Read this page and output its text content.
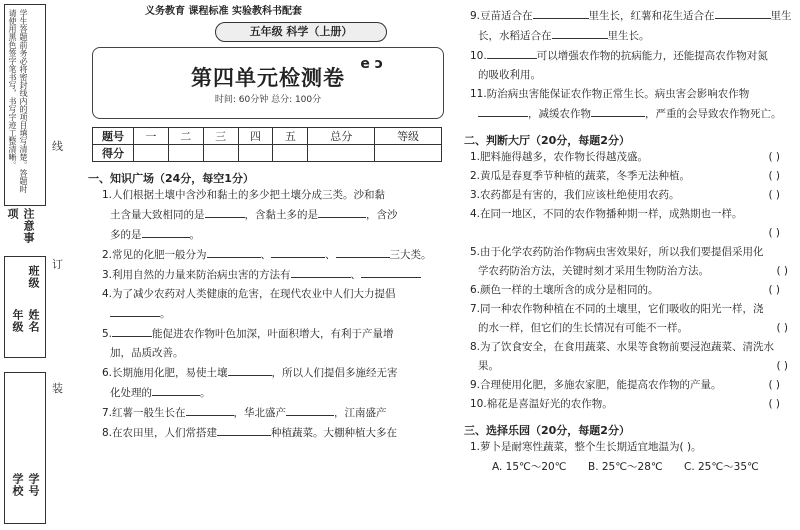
学生答题前务必将密封线内的项目填写清楚。答题时请使用黑色签字笔书写，书写字迹工整清晰。
注意事项
班级
年级 姓名
学校 学号
线
订
装
义务教育 课程标准 实验教科书配套
五年级 科学（上册）
第四单元检测卷
e ɔ
时间: 60分钟 总分: 100分
题号	一	二	三	四	五	总分	等级
得分							
一、知识广场（24分，每空1分）
1.人们根据土壤中含沙和黏土的多少把土壤分成三类。沙和黏
土含量大致相同的是	，含黏土多的是	，含沙
多的是	。
2.常见的化肥一般分为	、	、	三大类。
3.利用自然的力量来防治病虫害的方法有	、
4.为了减少农药对人类健康的危害，在现代农业中人们大力提倡
。
5.	能促进农作物叶色加深，叶面积增大，有利于产量增
加，品质改善。
6.长期施用化肥，易使土壤	，所以人们提倡多施经无害
化处理的	。
7.红薯一般生长在	，华北盛产	，江南盛产
8.在农田里，人们常搭建	种植蔬菜。大棚种植大多在
9.豆苗适合在	里生长，红薯和花生适合在	里生
长，水稻适合在	里生长。
10.	可以增强农作物的抗病能力，还能提高农作物对氮
的吸收利用。
11.防治病虫害能保证农作物正常生长。病虫害会影响农作物
，减缓农作物	，严重的会导致农作物死亡。
二、判断大厅（20分，每题2分）
1.肥料施得越多，农作物长得越茂盛。	( )
2.黄瓜是春夏季节种植的蔬菜，冬季无法种植。	( )
3.农药都是有害的，我们应该杜绝使用农药。	( )
4.在同一地区，不同的农作物播种期一样，成熟期也一样。

( )
5.由于化学农药防治作物病虫害效果好，所以我们要提倡采用化
学农药防治方法，关键时刻才采用生物防治方法。	( )
6.颜色一样的土壤所含的成分是相同的。	( )
7.同一种农作物种植在不同的土壤里，它们吸收的阳光一样，浇
的水一样，但它们的生长情况有可能不一样。	( )
8.为了饮食安全，在食用蔬菜、水果等食物前要浸泡蔬菜、清洗水
果。	( )
9.合理使用化肥，多施农家肥，能提高农作物的产量。	( )
10.棉花是喜温好光的农作物。	( )
三、选择乐园（20分，每题2分）
1.萝卜是耐寒性蔬菜，整个生长期适宜地温为( )。
A. 15℃～20℃ B. 25℃～28℃ C. 25℃～35℃
